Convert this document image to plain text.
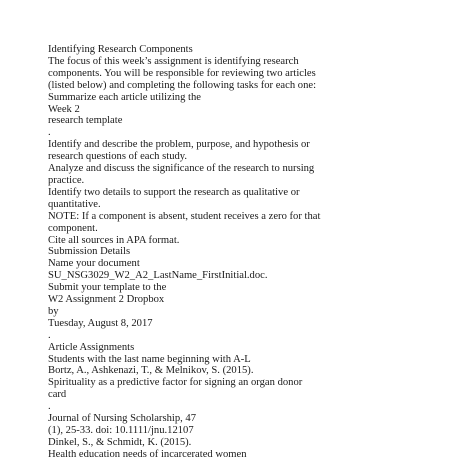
Identifying Research Components
The focus of this week’s assignment is identifying research
components. You will be responsible for reviewing two articles
(listed below) and completing the following tasks for each one:
Summarize each article utilizing the
Week 2
research template
.
Identify and describe the problem, purpose, and hypothesis or
research questions of each study.
Analyze and discuss the significance of the research to nursing
practice.
Identify two details to support the research as qualitative or
quantitative.
NOTE: If a component is absent, student receives a zero for that
component.
Cite all sources in APA format.
Submission Details
Name your document
SU_NSG3029_W2_A2_LastName_FirstInitial.doc.
Submit your template to the
W2 Assignment 2 Dropbox
by
Tuesday, August 8, 2017
.
Article Assignments
Students with the last name beginning with A-L
Bortz, A., Ashkenazi, T., & Melnikov, S. (2015).
Spirituality as a predictive factor for signing an organ donor
card
.
Journal of Nursing Scholarship, 47
(1), 25-33. doi: 10.1111/jnu.12107
Dinkel, S., & Schmidt, K. (2015).
Health education needs of incarcerated women
